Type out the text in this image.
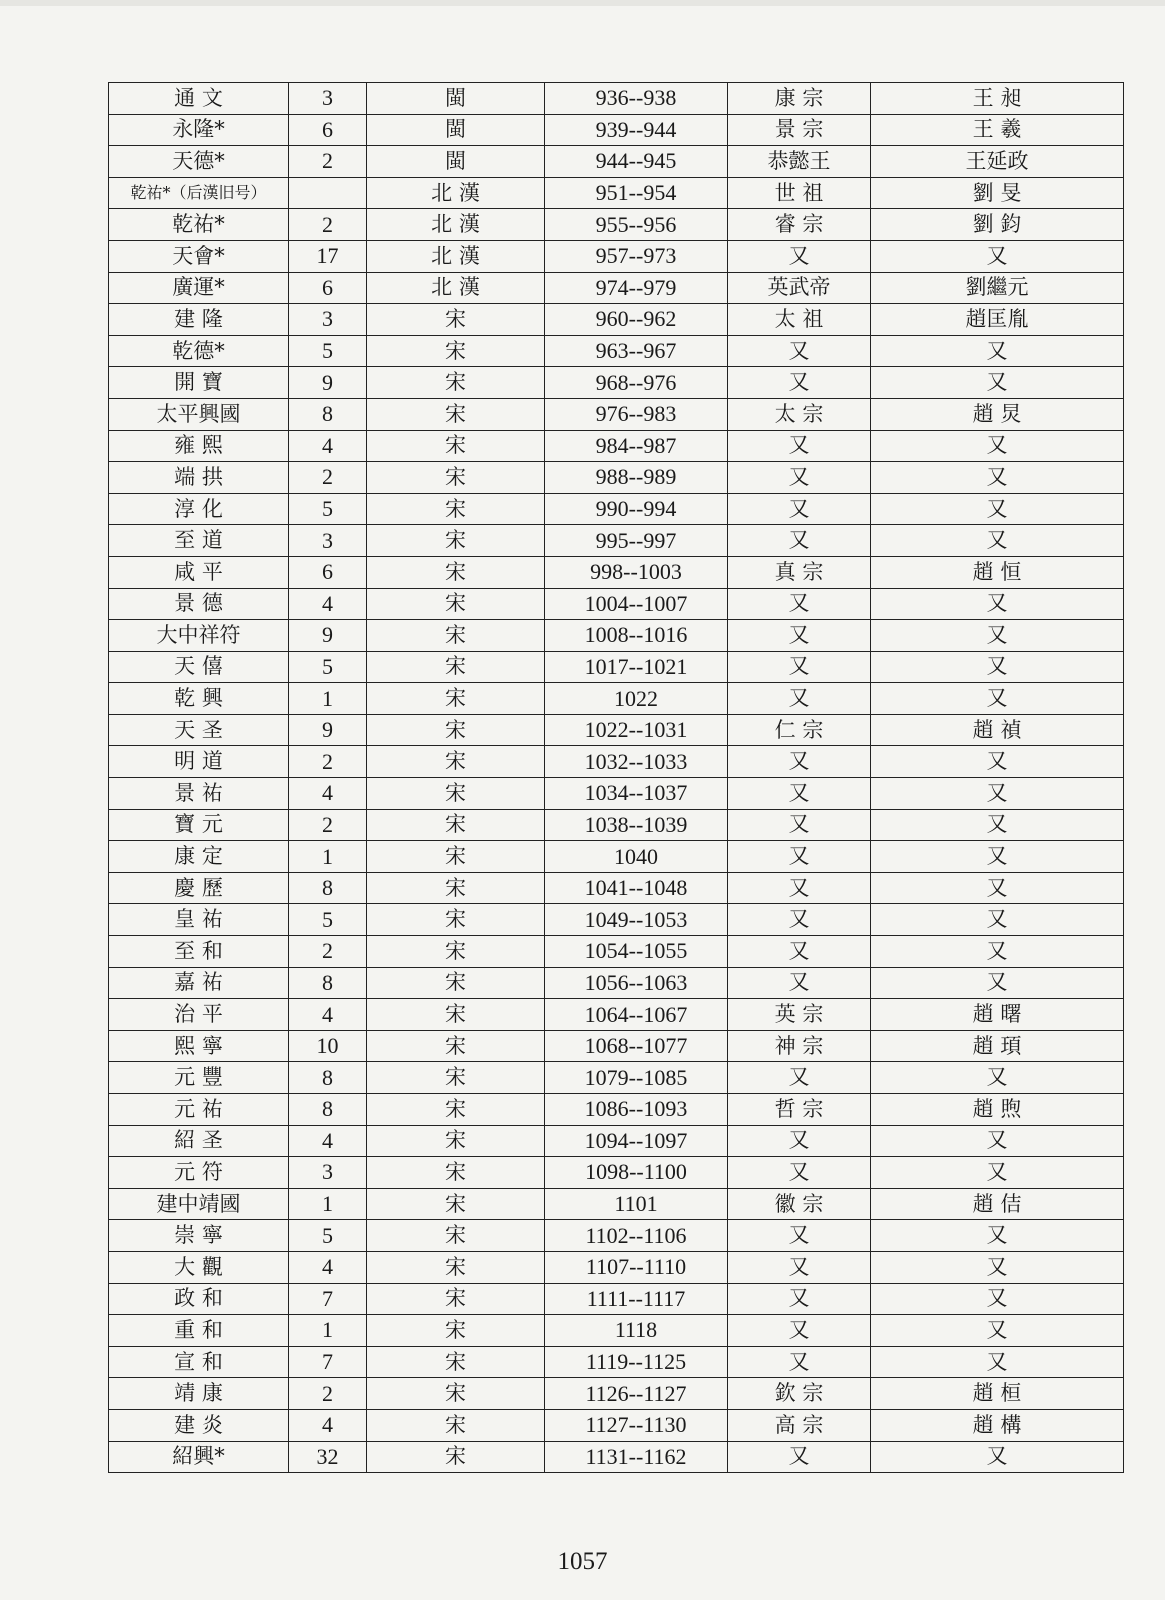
通 文	3	閩	936--938	康 宗	王 昶
永隆*	6	閩	939--944	景 宗	王 羲
天德*	2	閩	944--945	恭懿王	王延政
乾祐*（后漢旧号）		北 漢	951--954	世 祖	劉 旻
乾祐*	2	北 漢	955--956	睿 宗	劉 鈞
天會*	17	北 漢	957--973	又	又
廣運*	6	北 漢	974--979	英武帝	劉繼元
建 隆	3	宋	960--962	太 祖	趙匡胤
乾德*	5	宋	963--967	又	又
開 寶	9	宋	968--976	又	又
太平興國	8	宋	976--983	太 宗	趙 炅
雍 熙	4	宋	984--987	又	又
端 拱	2	宋	988--989	又	又
淳 化	5	宋	990--994	又	又
至 道	3	宋	995--997	又	又
咸 平	6	宋	998--1003	真 宗	趙 恒
景 德	4	宋	1004--1007	又	又
大中祥符	9	宋	1008--1016	又	又
天 僖	5	宋	1017--1021	又	又
乾 興	1	宋	1022	又	又
天 圣	9	宋	1022--1031	仁 宗	趙 禎
明 道	2	宋	1032--1033	又	又
景 祐	4	宋	1034--1037	又	又
寶 元	2	宋	1038--1039	又	又
康 定	1	宋	1040	又	又
慶 歷	8	宋	1041--1048	又	又
皇 祐	5	宋	1049--1053	又	又
至 和	2	宋	1054--1055	又	又
嘉 祐	8	宋	1056--1063	又	又
治 平	4	宋	1064--1067	英 宗	趙 曙
熙 寧	10	宋	1068--1077	神 宗	趙 頊
元 豐	8	宋	1079--1085	又	又
元 祐	8	宋	1086--1093	哲 宗	趙 煦
紹 圣	4	宋	1094--1097	又	又
元 符	3	宋	1098--1100	又	又
建中靖國	1	宋	1101	徽 宗	趙 佶
崇 寧	5	宋	1102--1106	又	又
大 觀	4	宋	1107--1110	又	又
政 和	7	宋	1111--1117	又	又
重 和	1	宋	1118	又	又
宣 和	7	宋	1119--1125	又	又
靖 康	2	宋	1126--1127	欽 宗	趙 桓
建 炎	4	宋	1127--1130	高 宗	趙 構
紹興*	32	宋	1131--1162	又	又
1057
